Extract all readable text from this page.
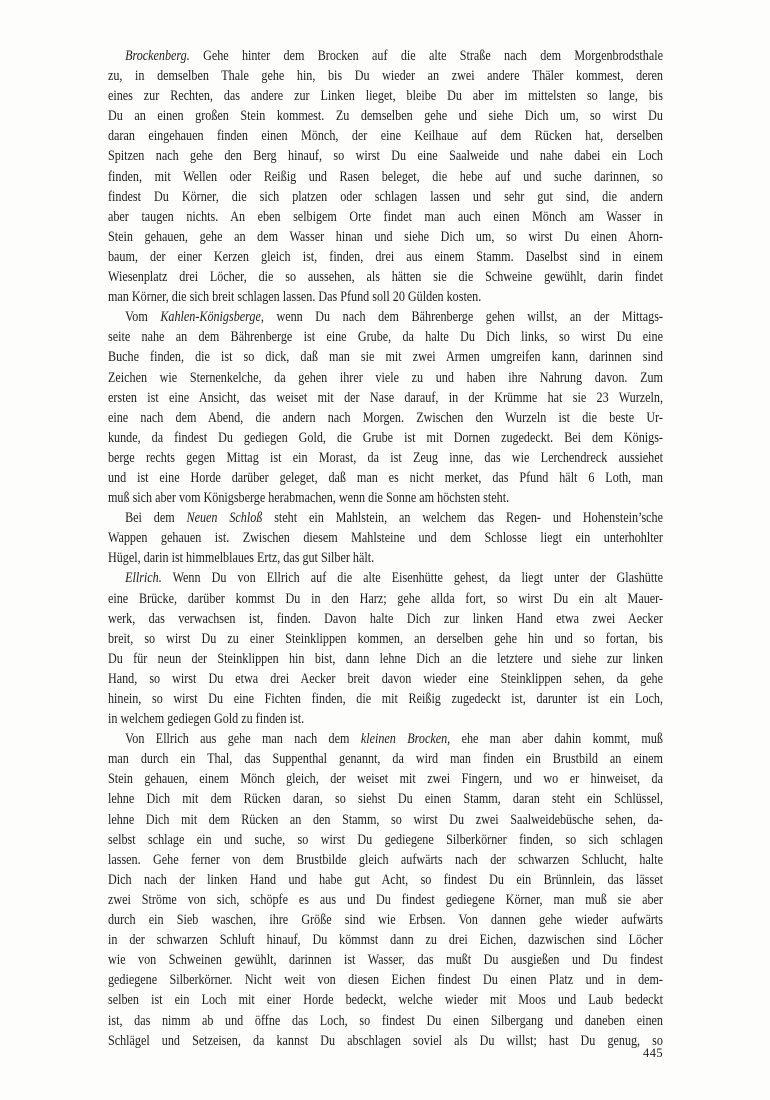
Brockenberg. Gehe hinter dem Brocken auf die alte Straße nach dem Morgenbrodsthale
zu, in demselben Thale gehe hin, bis Du wieder an zwei andere Thäler kommest, deren
eines zur Rechten, das andere zur Linken lieget, bleibe Du aber im mittelsten so lange, bis
Du an einen großen Stein kommest. Zu demselben gehe und siehe Dich um, so wirst Du
daran eingehauen finden einen Mönch, der eine Keilhaue auf dem Rücken hat, derselben
Spitzen nach gehe den Berg hinauf, so wirst Du eine Saalweide und nahe dabei ein Loch
finden, mit Wellen oder Reißig und Rasen beleget, die hebe auf und suche darinnen, so
findest Du Körner, die sich platzen oder schlagen lassen und sehr gut sind, die andern
aber taugen nichts. An eben selbigem Orte findet man auch einen Mönch am Wasser in
Stein gehauen, gehe an dem Wasser hinan und siehe Dich um, so wirst Du einen Ahorn-
baum, der einer Kerzen gleich ist, finden, drei aus einem Stamm. Daselbst sind in einem
Wiesenplatz drei Löcher, die so aussehen, als hätten sie die Schweine gewühlt, darin findet
man Körner, die sich breit schlagen lassen. Das Pfund soll 20 Gülden kosten.
Vom Kahlen-Königsberge, wenn Du nach dem Bährenberge gehen willst, an der Mittags-
seite nahe an dem Bährenberge ist eine Grube, da halte Du Dich links, so wirst Du eine
Buche finden, die ist so dick, daß man sie mit zwei Armen umgreifen kann, darinnen sind
Zeichen wie Sternenkelche, da gehen ihrer viele zu und haben ihre Nahrung davon. Zum
ersten ist eine Ansicht, das weiset mit der Nase darauf, in der Krümme hat sie 23 Wurzeln,
eine nach dem Abend, die andern nach Morgen. Zwischen den Wurzeln ist die beste Ur-
kunde, da findest Du gediegen Gold, die Grube ist mit Dornen zugedeckt. Bei dem Königs-
berge rechts gegen Mittag ist ein Morast, da ist Zeug inne, das wie Lerchendreck aussiehet
und ist eine Horde darüber geleget, daß man es nicht merket, das Pfund hält 6 Loth, man
muß sich aber vom Königsberge herabmachen, wenn die Sonne am höchsten steht.
Bei dem Neuen Schloß steht ein Mahlstein, an welchem das Regen- und Hohenstein’sche
Wappen gehauen ist. Zwischen diesem Mahlsteine und dem Schlosse liegt ein unterhohlter
Hügel, darin ist himmelblaues Ertz, das gut Silber hält.
Ellrich. Wenn Du von Ellrich auf die alte Eisenhütte gehest, da liegt unter der Glashütte
eine Brücke, darüber kommst Du in den Harz; gehe allda fort, so wirst Du ein alt Mauer-
werk, das verwachsen ist, finden. Davon halte Dich zur linken Hand etwa zwei Aecker
breit, so wirst Du zu einer Steinklippen kommen, an derselben gehe hin und so fortan, bis
Du für neun der Steinklippen hin bist, dann lehne Dich an die letztere und siehe zur linken
Hand, so wirst Du etwa drei Aecker breit davon wieder eine Steinklippen sehen, da gehe
hinein, so wirst Du eine Fichten finden, die mit Reißig zugedeckt ist, darunter ist ein Loch,
in welchem gediegen Gold zu finden ist.
Von Ellrich aus gehe man nach dem kleinen Brocken, ehe man aber dahin kommt, muß
man durch ein Thal, das Suppenthal genannt, da wird man finden ein Brustbild an einem
Stein gehauen, einem Mönch gleich, der weiset mit zwei Fingern, und wo er hinweiset, da
lehne Dich mit dem Rücken daran, so siehst Du einen Stamm, daran steht ein Schlüssel,
lehne Dich mit dem Rücken an den Stamm, so wirst Du zwei Saalweidebüsche sehen, da-
selbst schlage ein und suche, so wirst Du gediegene Silberkörner finden, so sich schlagen
lassen. Gehe ferner von dem Brustbilde gleich aufwärts nach der schwarzen Schlucht, halte
Dich nach der linken Hand und habe gut Acht, so findest Du ein Brünnlein, das lässet
zwei Ströme von sich, schöpfe es aus und Du findest gediegene Körner, man muß sie aber
durch ein Sieb waschen, ihre Größe sind wie Erbsen. Von dannen gehe wieder aufwärts
in der schwarzen Schluft hinauf, Du kömmst dann zu drei Eichen, dazwischen sind Löcher
wie von Schweinen gewühlt, darinnen ist Wasser, das mußt Du ausgießen und Du findest
gediegene Silberkörner. Nicht weit von diesen Eichen findest Du einen Platz und in dem-
selben ist ein Loch mit einer Horde bedeckt, welche wieder mit Moos und Laub bedeckt
ist, das nimm ab und öffne das Loch, so findest Du einen Silbergang und daneben einen
Schlägel und Setzeisen, da kannst Du abschlagen soviel als Du willst; hast Du genug, so
445
